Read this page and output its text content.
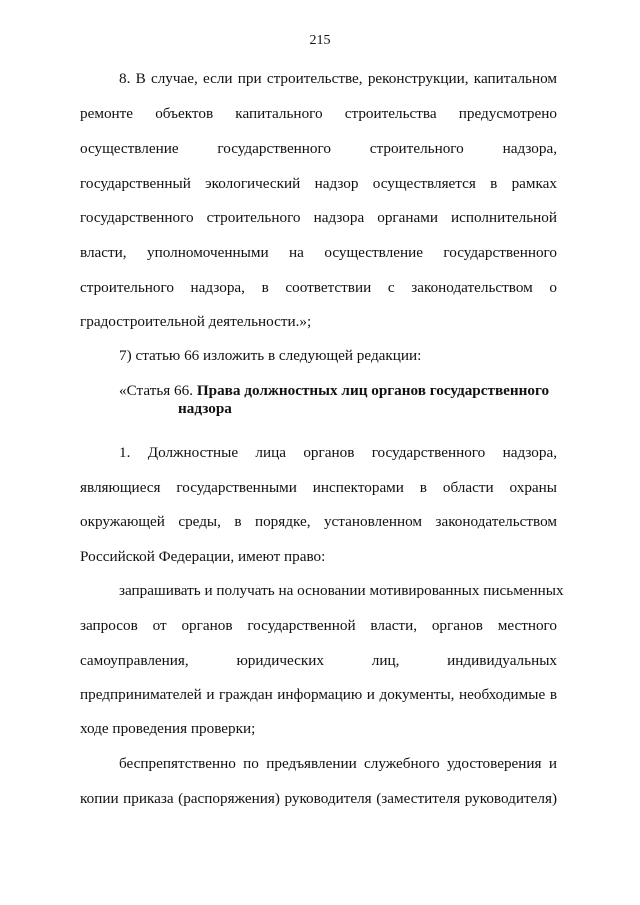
215
8. В случае, если при строительстве, реконструкции, капитальном
ремонте объектов капитального строительства предусмотрено
осуществление государственного строительного надзора,
государственный экологический надзор осуществляется в рамках
государственного строительного надзора органами исполнительной
власти, уполномоченными на осуществление государственного
строительного надзора, в соответствии с законодательством о
градостроительной деятельности.»;
7) статью 66 изложить в следующей редакции:
«Статья 66. Права должностных лиц органов государственного
надзора
1. Должностные лица органов государственного надзора,
являющиеся государственными инспекторами в области охраны
окружающей среды, в порядке, установленном законодательством
Российской Федерации, имеют право:
запрашивать и получать на основании мотивированных письменных
запросов от органов государственной власти, органов местного
самоуправления, юридических лиц, индивидуальных
предпринимателей и граждан информацию и документы, необходимые в
ходе проведения проверки;
беспрепятственно по предъявлении служебного удостоверения и
копии приказа (распоряжения) руководителя (заместителя руководителя)
